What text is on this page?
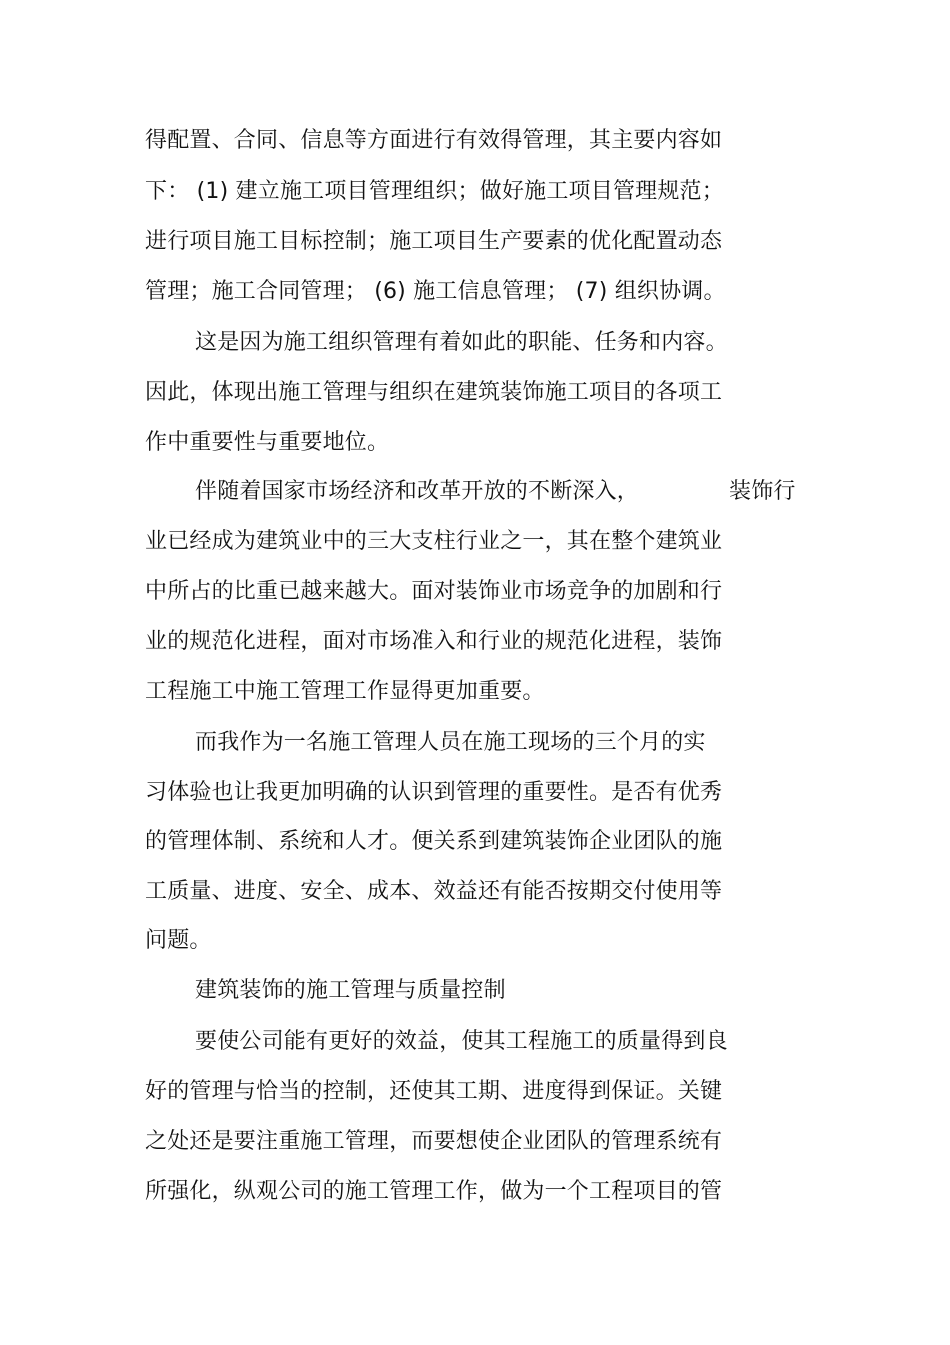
得配置、合同、信息等方面进行有效得管理，其主要内容如
下： (1) 建立施工项目管理组织；做好施工项目管理规范；
进行项目施工目标控制；施工项目生产要素的优化配置动态
管理；施工合同管理； (6) 施工信息管理； (7) 组织协调。
这是因为施工组织管理有着如此的职能、任务和内容。
因此，体现出施工管理与组织在建筑装饰施工项目的各项工
作中重要性与重要地位。
伴随着国家市场经济和改革开放的不断深入，	装饰行
业已经成为建筑业中的三大支柱行业之一，其在整个建筑业
中所占的比重已越来越大。面对装饰业市场竞争的加剧和行
业的规范化进程，面对市场准入和行业的规范化进程，装饰
工程施工中施工管理工作显得更加重要。
而我作为一名施工管理人员在施工现场的三个月的实
习体验也让我更加明确的认识到管理的重要性。是否有优秀
的管理体制、系统和人才。便关系到建筑装饰企业团队的施
工质量、进度、安全、成本、效益还有能否按期交付使用等
问题。
建筑装饰的施工管理与质量控制
要使公司能有更好的效益，使其工程施工的质量得到良
好的管理与恰当的控制，还使其工期、进度得到保证。关键
之处还是要注重施工管理，而要想使企业团队的管理系统有
所强化，纵观公司的施工管理工作，做为一个工程项目的管
